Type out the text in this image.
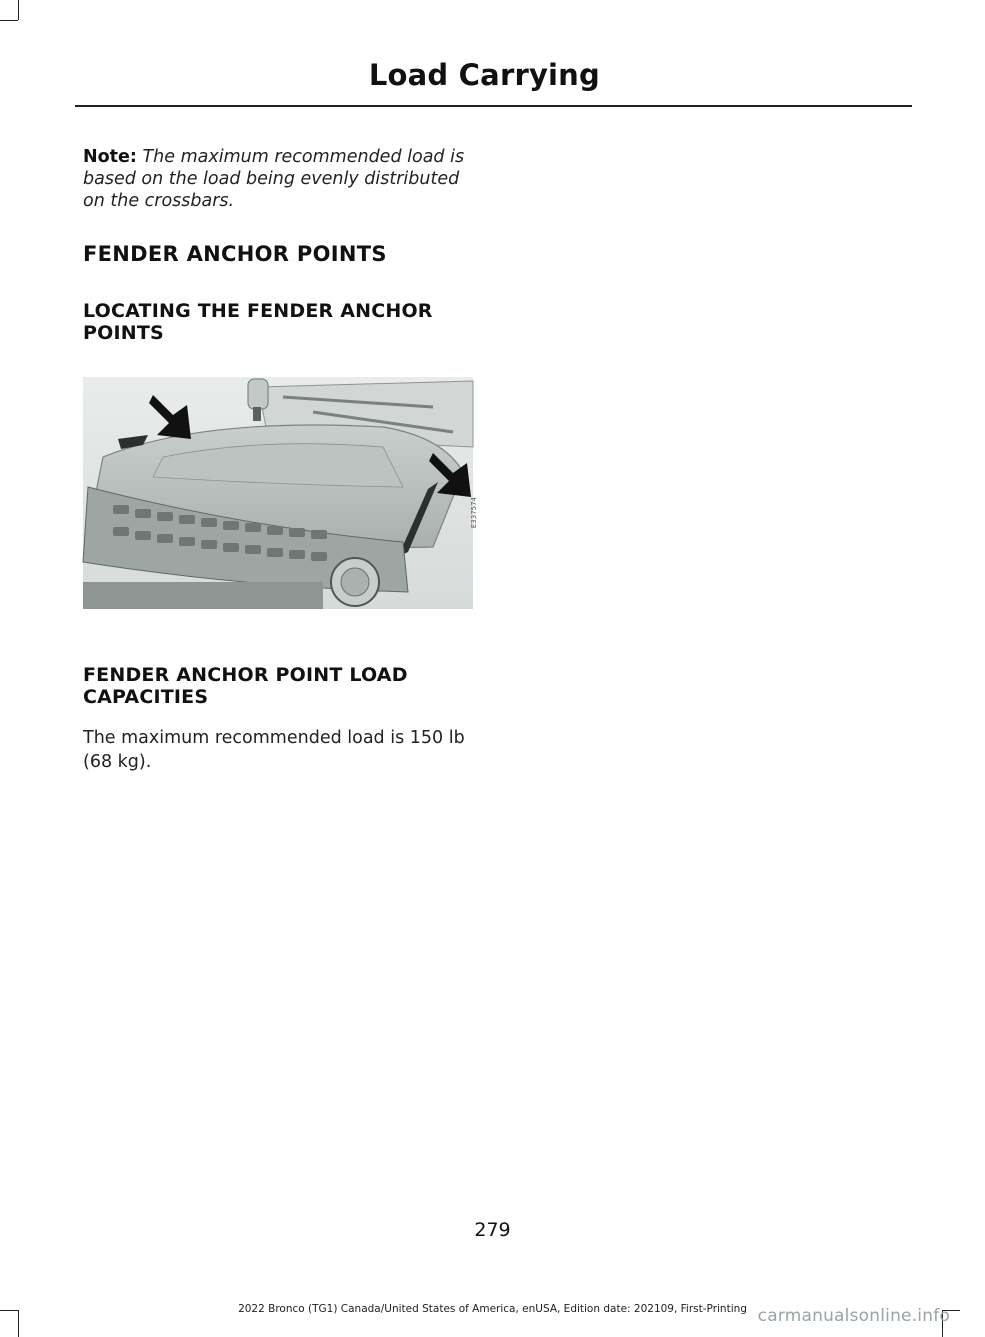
Load Carrying
Note: The maximum recommended load is based on the load being evenly distributed on the crossbars.
FENDER ANCHOR POINTS
LOCATING THE FENDER ANCHOR POINTS
E337574
FENDER ANCHOR POINT LOAD CAPACITIES
The maximum recommended load is 150 lb (68 kg).
279
2022 Bronco (TG1) Canada/United States of America, enUSA, Edition date: 202109, First-Printing carmanualsonline.info
